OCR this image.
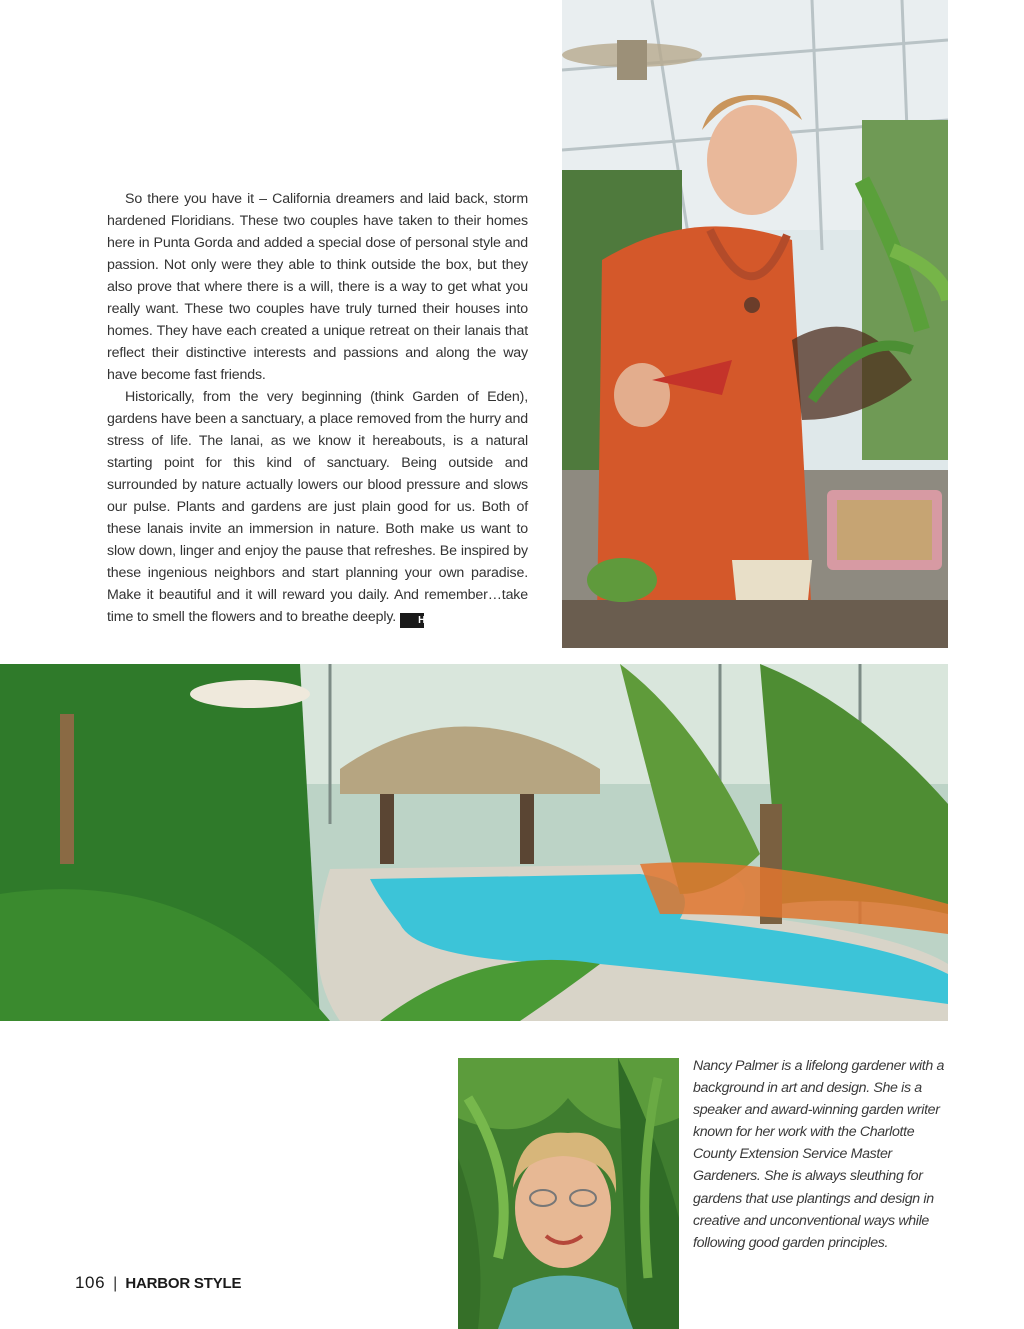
So there you have it – California dreamers and laid back, storm hardened Floridians. These two couples have taken to their homes here in Punta Gorda and added a special dose of personal style and passion. Not only were they able to think outside the box, but they also prove that where there is a will, there is a way to get what you really want. These two couples have truly turned their houses into homes. They have each created a unique retreat on their lanais that reflect their distinctive interests and passions and along the way have become fast friends.

Historically, from the very beginning (think Garden of Eden), gardens have been a sanctuary, a place removed from the hurry and stress of life. The lanai, as we know it hereabouts, is a natural starting point for this kind of sanctuary. Being outside and surrounded by nature actually lowers our blood pressure and slows our pulse. Plants and gardens are just plain good for us. Both of these lanais invite an immersion in nature. Both make us want to slow down, linger and enjoy the pause that refreshes. Be inspired by these ingenious neighbors and start planning your own paradise. Make it beautiful and it will reward you daily. And remember…take time to smell the flowers and to breathe deeply. HS

Nancy Palmer is a lifelong gardener with a background in art and design. She is a speaker and award-winning garden writer known for her work with the Charlotte County Extension Service Master Gardeners. She is always sleuthing for gardens that use plantings and design in creative and unconventional ways while following good garden principles.

106 | HARBOR STYLE
